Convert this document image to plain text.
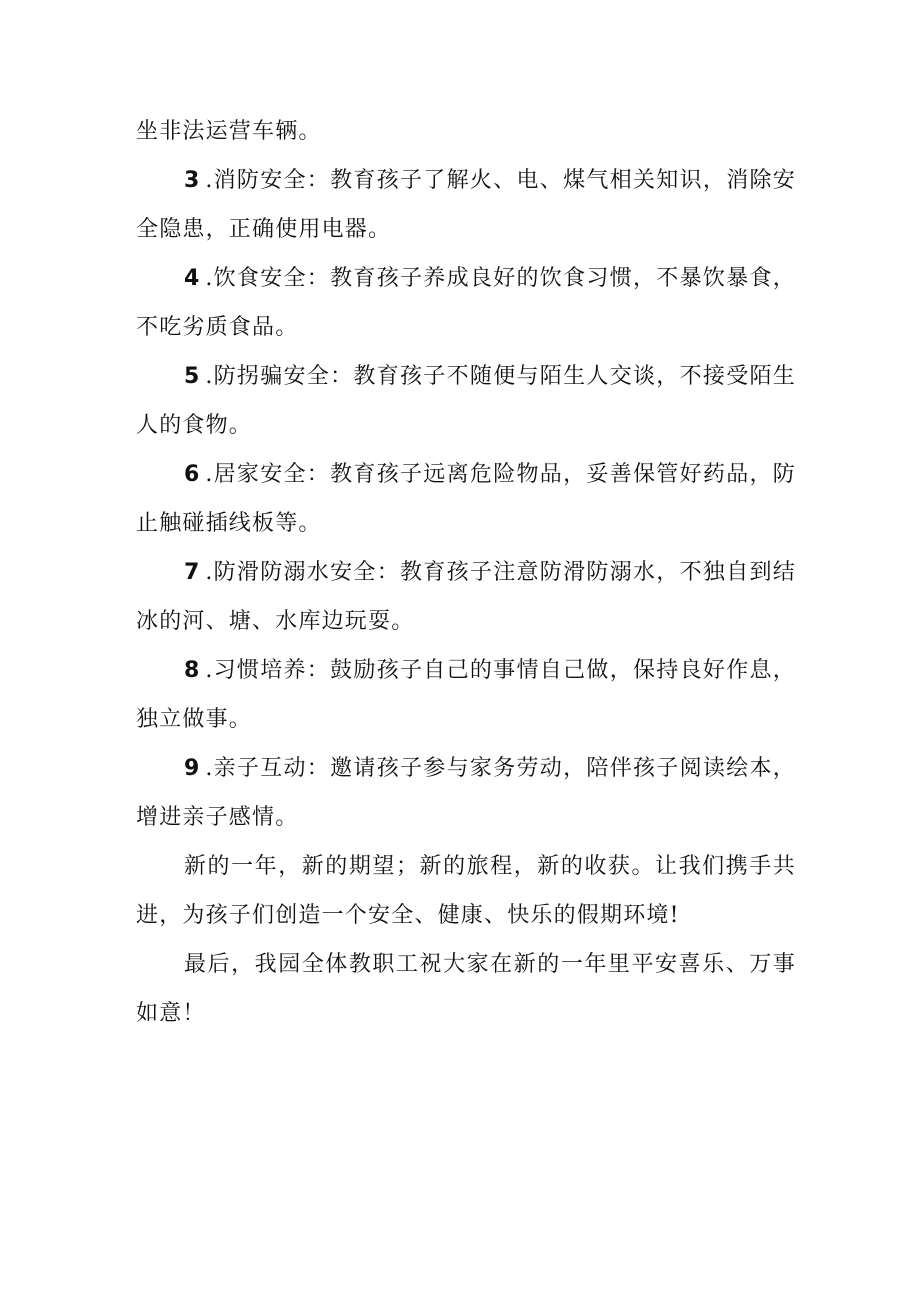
坐非法运营车辆。

3 .消防安全：教育孩子了解火、电、煤气相关知识，消除安全隐患，正确使用电器。

4 .饮食安全：教育孩子养成良好的饮食习惯，不暴饮暴食，不吃劣质食品。

5 .防拐骗安全：教育孩子不随便与陌生人交谈，不接受陌生人的食物。

6 .居家安全：教育孩子远离危险物品，妥善保管好药品，防止触碰插线板等。

7 .防滑防溺水安全：教育孩子注意防滑防溺水，不独自到结冰的河、塘、水库边玩耍。

8 .习惯培养：鼓励孩子自己的事情自己做，保持良好作息，独立做事。

9 .亲子互动：邀请孩子参与家务劳动，陪伴孩子阅读绘本，增进亲子感情。

新的一年，新的期望；新的旅程，新的收获。让我们携手共进，为孩子们创造一个安全、健康、快乐的假期环境!

最后，我园全体教职工祝大家在新的一年里平安喜乐、万事如意！
